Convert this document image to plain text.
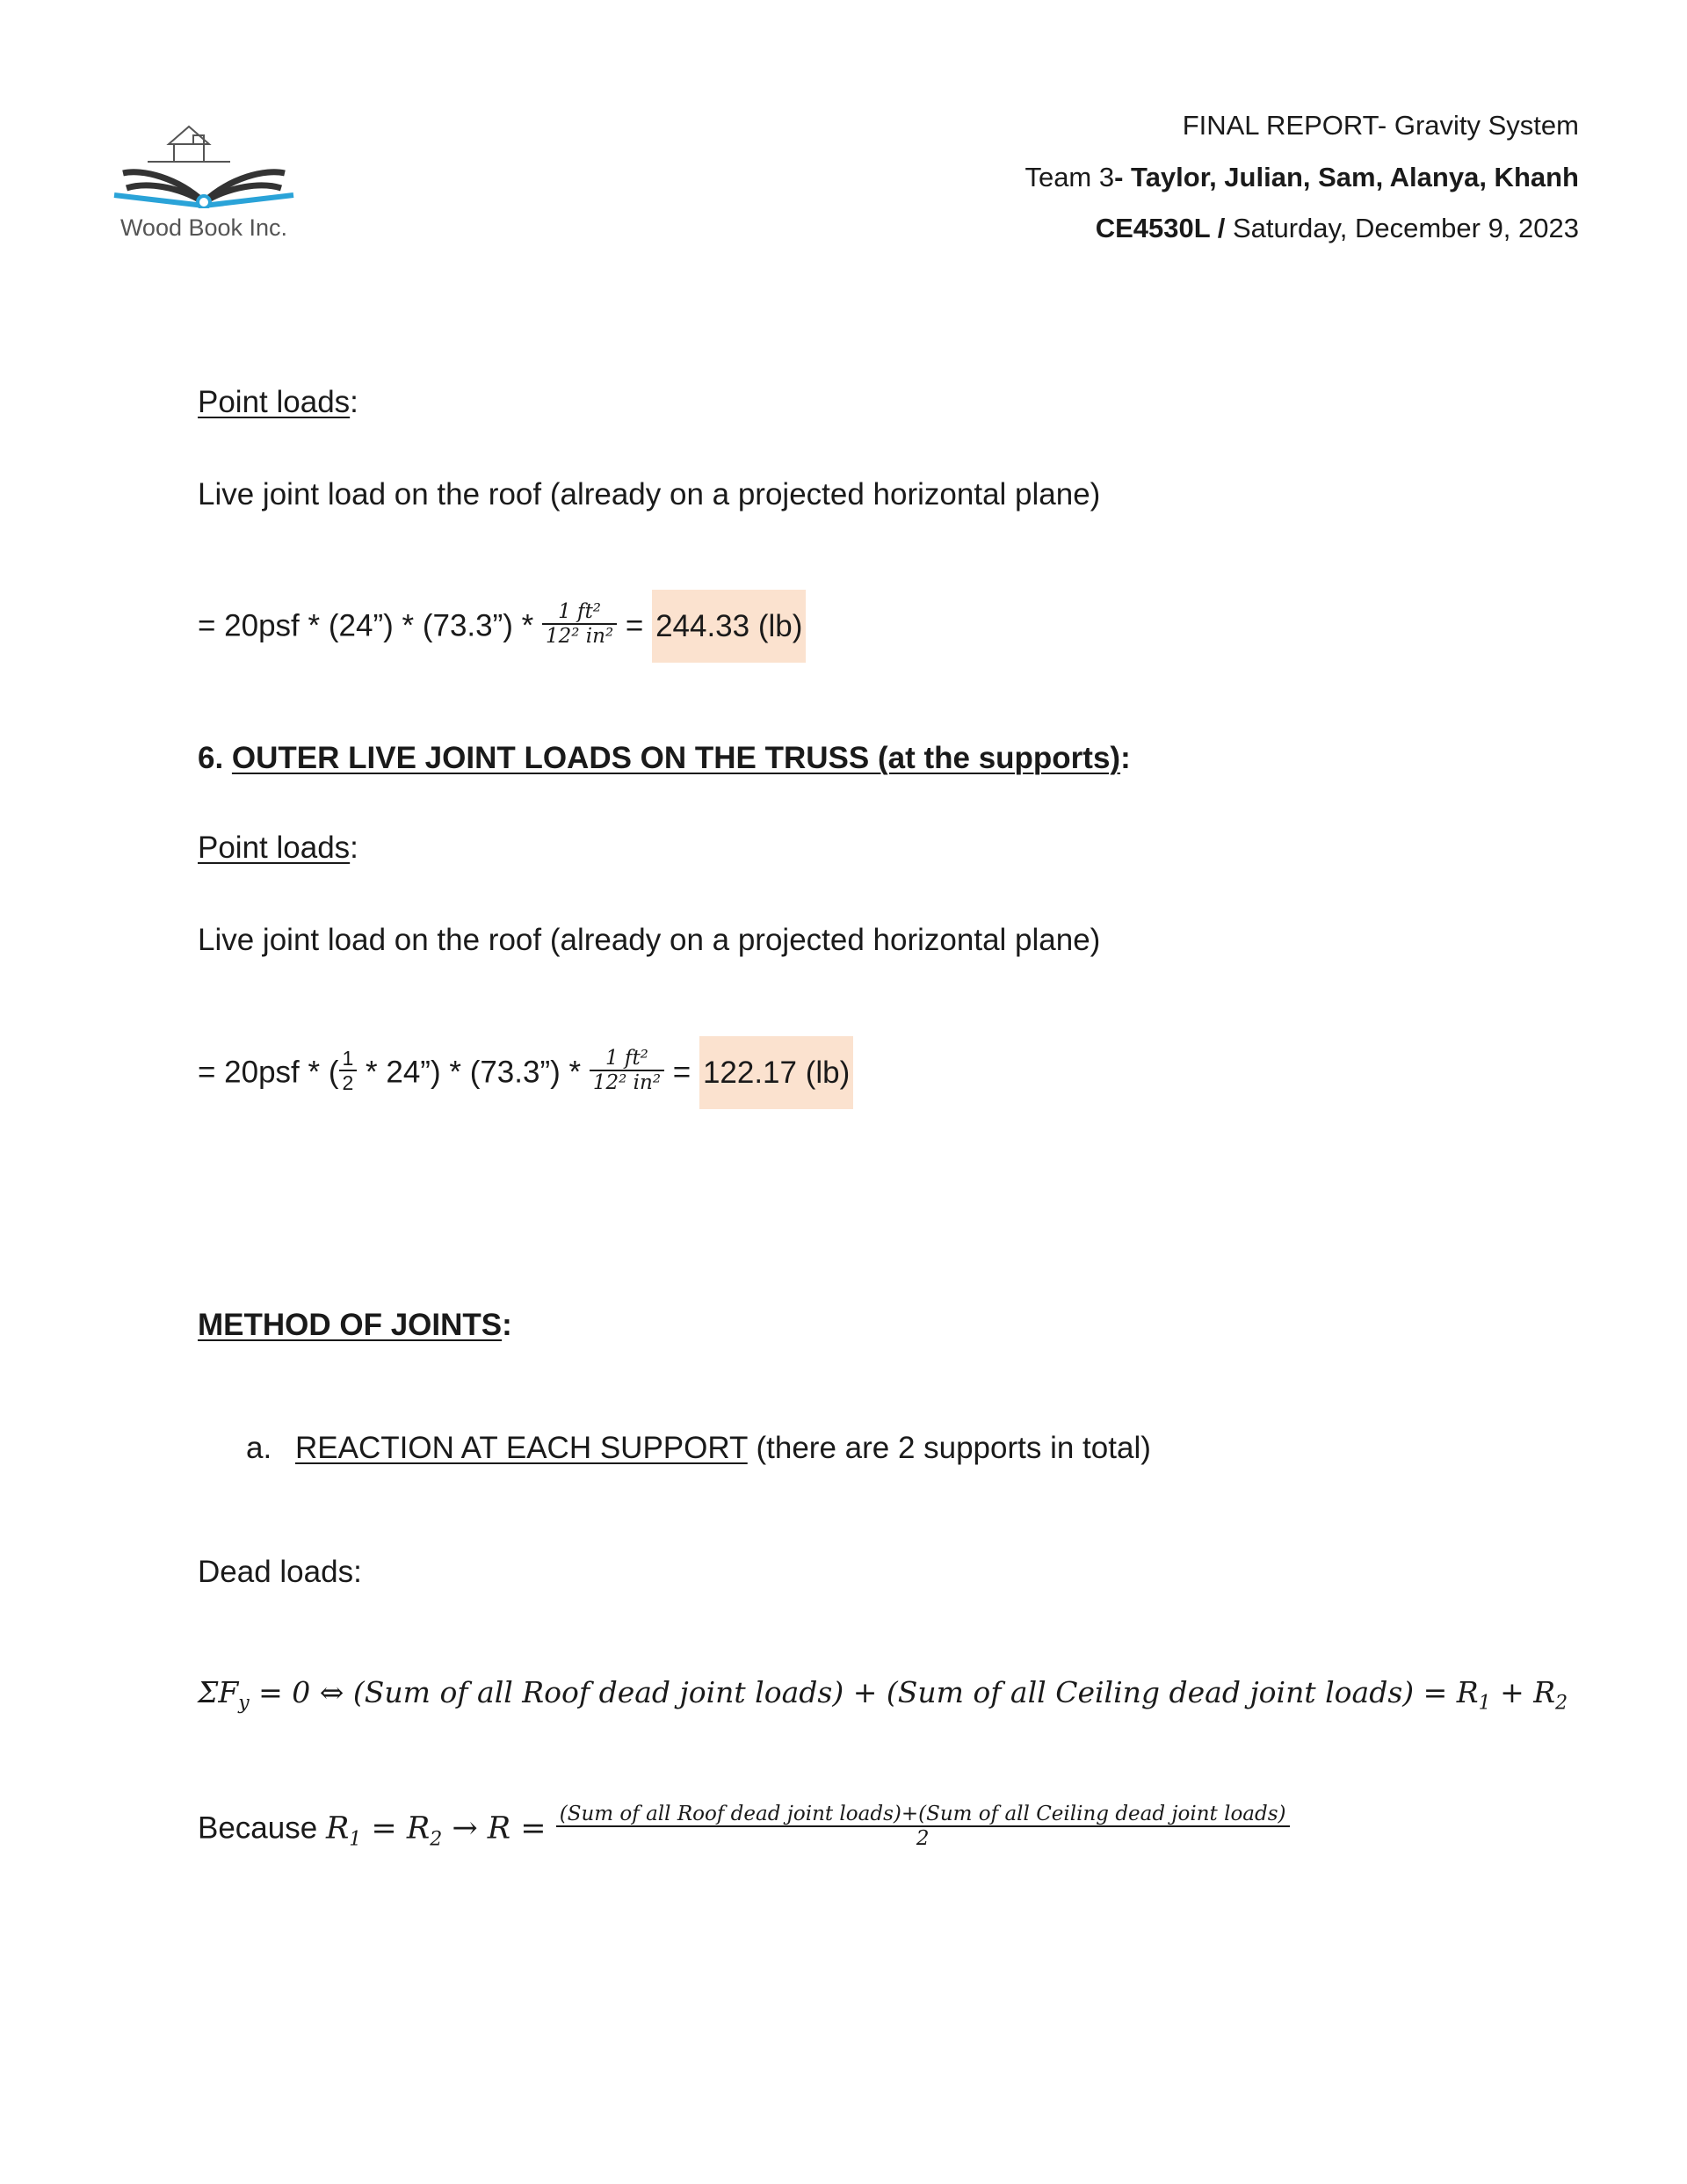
Wood Book Inc.
FINAL REPORT- Gravity System
Team 3- Taylor, Julian, Sam, Alanya, Khanh
CE4530L / Saturday, December 9, 2023
Point loads:
Live joint load on the roof (already on a projected horizontal plane)
= 20psf * (24”) * (73.3”) * $\frac{\text{1 ft²}}{\text{12² in²}} = 244.33$ (lb)
6. OUTER LIVE JOINT LOADS ON THE TRUSS (at the supports):
Point loads:
Live joint load on the roof (already on a projected horizontal plane)
= 20psf * ( $\frac{1}{2}$ * 24”) * (73.3”) * $\frac{\text{1 ft²}}{\text{12² in²}} = 122.17$ (lb)
METHOD OF JOINTS:
a. REACTION AT EACH SUPPORT (there are 2 supports in total)
Dead loads:
$\Sigma F_y = 0$ ⇔ (Sum of all Roof dead joint loads) + (Sum of all Ceiling dead joint loads) = $R_1 + R_2$
Because $R_1 = R_2 \to R = (Sum$ of all Roof dead joint loads)+(Sum of all Ceiling dead joint loads)
2
